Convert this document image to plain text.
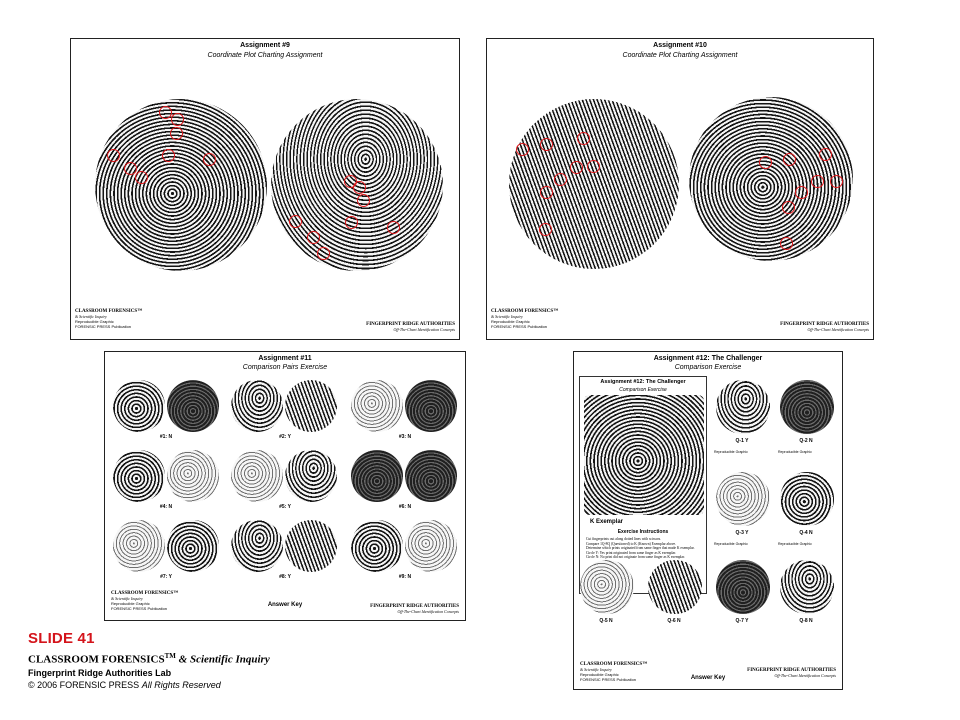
Assignment #9
Coordinate Plot Charting Assignment
CLASSROOM FORENSICS™
& Scientific Inquiry
Reproducible Graphic
FORENSIC PRESS Publication	FINGERPRINT RIDGE AUTHORITIES
Off-The-Chart Identification Concepts
Assignment #10
Coordinate Plot Charting Assignment
CLASSROOM FORENSICS™
& Scientific Inquiry
Reproducible Graphic
FORENSIC PRESS Publication	FINGERPRINT RIDGE AUTHORITIES
Off-The-Chart Identification Concepts
Assignment #11
Comparison Pairs Exercise
#1: N	#2: Y	#3: N
#4: N	#5: Y	#6: N
#7: Y	#8: Y	#9: N
Answer Key
CLASSROOM FORENSICS™
& Scientific Inquiry
Reproducible Graphic
FORENSIC PRESS Publication	FINGERPRINT RIDGE AUTHORITIES
Off-The-Chart Identification Concepts
Assignment #12: The Challenger
Comparison Exercise
Assignment #12: The Challenger
Comparison Exercise
K Exemplar
Exercise Instructions
Cut fingerprints out along dotted lines with scissors.
Compare 1Q-8Q (Questioned) to K (Known) Exemplar above.
Determine which prints originated from same finger that made K exemplar.
Circle Y: Yes print originated from same finger as K exemplar.
Circle N: No print did not originate from same finger as K exemplar.
Q-1 Y
Reproducible Graphic
Q-2 N
Reproducible Graphic
Q-3 Y
Reproducible Graphic
Q-4 N
Reproducible Graphic
Q-5 N	Q-6 N	Q-7 Y	Q-8 N
Answer Key
CLASSROOM FORENSICS™
& Scientific Inquiry
Reproducible Graphic
FORENSIC PRESS Publication
FINGERPRINT RIDGE AUTHORITIES
Off-The-Chart Identification Concepts
SLIDE 41
CLASSROOM FORENSICS™ & Scientific Inquiry
Fingerprint Ridge Authorities Lab
© 2006 FORENSIC PRESS All Rights Reserved
